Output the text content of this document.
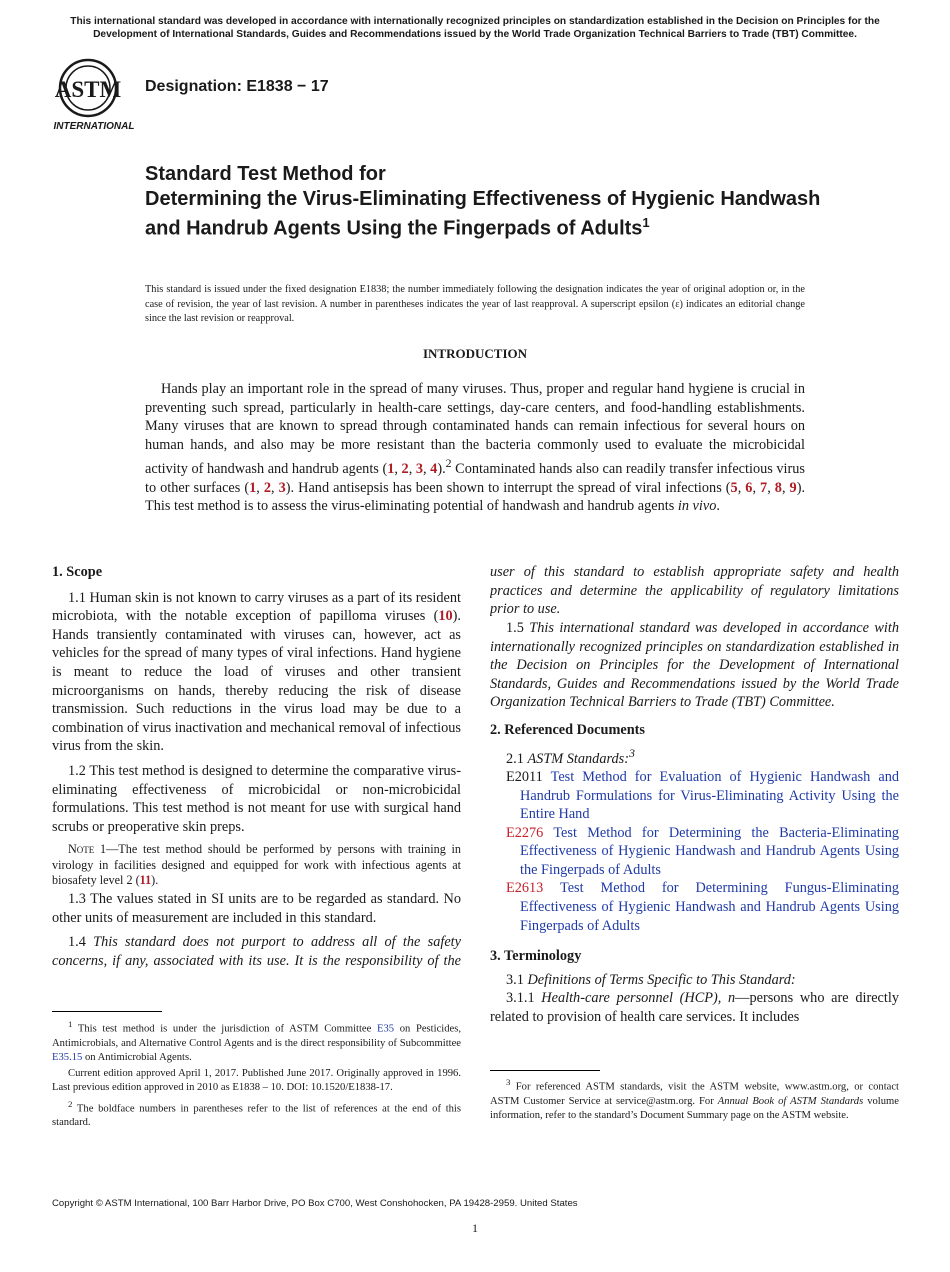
This international standard was developed in accordance with internationally recognized principles on standardization established in the Decision on Principles for the Development of International Standards, Guides and Recommendations issued by the World Trade Organization Technical Barriers to Trade (TBT) Committee.
ASTM
INTERNATIONAL
Designation: E1838 − 17
Standard Test Method for
Determining the Virus-Eliminating Effectiveness of Hygienic Handwash and Handrub Agents Using the Fingerpads of Adults$^1$
This standard is issued under the fixed designation E1838; the number immediately following the designation indicates the year of original adoption or, in the case of revision, the year of last revision. A number in parentheses indicates the year of last reapproval. A superscript epsilon (ε) indicates an editorial change since the last revision or reapproval.
INTRODUCTION

Hands play an important role in the spread of many viruses. Thus, proper and regular hand hygiene is crucial in preventing such spread, particularly in health-care settings, day-care centers, and food-handling establishments. Many viruses that are known to spread through contaminated hands can remain infectious for several hours on human hands, and also may be more resistant than the bacteria commonly used to evaluate the microbicidal activity of handwash and handrub agents (1, 2, 3, 4).$^2$ Contaminated hands also can readily transfer infectious virus to other surfaces (1, 2, 3). Hand antisepsis has been shown to interrupt the spread of viral infections (5, 6, 7, 8, 9). This test method is to assess the virus-eliminating potential of handwash and handrub agents in vivo.

1. Scope

1.1 Human skin is not known to carry viruses as a part of its resident microbiota, with the notable exception of papilloma viruses (10). Hands transiently contaminated with viruses can, however, act as vehicles for the spread of many types of viral infections. Hand hygiene is meant to reduce the load of viruses and other transient microorganisms on hands, thereby reducing the risk of disease transmission. Such reductions in the virus load may be due to a combination of virus inactivation and mechanical removal of infectious virus from the skin.

1.2 This test method is designed to determine the comparative virus-eliminating effectiveness of microbicidal or non-microbicidal formulations. This test method is not meant for use with surgical hand scrubs or preoperative skin preps.

Note 1—The test method should be performed by persons with training in virology in facilities designed and equipped for work with infectious agents at biosafety level 2 (11).

1.3 The values stated in SI units are to be regarded as standard. No other units of measurement are included in this standard.

1.4 This standard does not purport to address all of the safety concerns, if any, associated with its use. It is the responsibility of the

$^1$ This test method is under the jurisdiction of ASTM Committee E35 on Pesticides, Antimicrobials, and Alternative Control Agents and is the direct responsibility of Subcommittee E35.15 on Antimicrobial Agents.

Current edition approved April 1, 2017. Published June 2017. Originally approved in 1996. Last previous edition approved in 2010 as E1838 – 10. DOI: 10.1520/E1838-17.

$^2$ The boldface numbers in parentheses refer to the list of references at the end of this standard.

user of this standard to establish appropriate safety and health practices and determine the applicability of regulatory limitations prior to use.

1.5 This international standard was developed in accordance with internationally recognized principles on standardization established in the Decision on Principles for the Development of International Standards, Guides and Recommendations issued by the World Trade Organization Technical Barriers to Trade (TBT) Committee.

2. Referenced Documents

2.1 ASTM Standards:$^3$

E2011 Test Method for Evaluation of Hygienic Handwash and Handrub Formulations for Virus-Eliminating Activity Using the Entire Hand
E2276 Test Method for Determining the Bacteria-Eliminating Effectiveness of Hygienic Handwash and Handrub Agents Using the Fingerpads of Adults
E2613 Test Method for Determining Fungus-Eliminating Effectiveness of Hygienic Handwash and Handrub Agents Using Fingerpads of Adults
3. Terminology

3.1 Definitions of Terms Specific to This Standard:

3.1.1 Health-care personnel (HCP), n—persons who are directly related to provision of health care services. It includes

$^3$ For referenced ASTM standards, visit the ASTM website, www.astm.org, or contact ASTM Customer Service at service@astm.org. For Annual Book of ASTM Standards volume information, refer to the standard’s Document Summary page on the ASTM website.

Copyright © ASTM International, 100 Barr Harbor Drive, PO Box C700, West Conshohocken, PA 19428-2959. United States
1
